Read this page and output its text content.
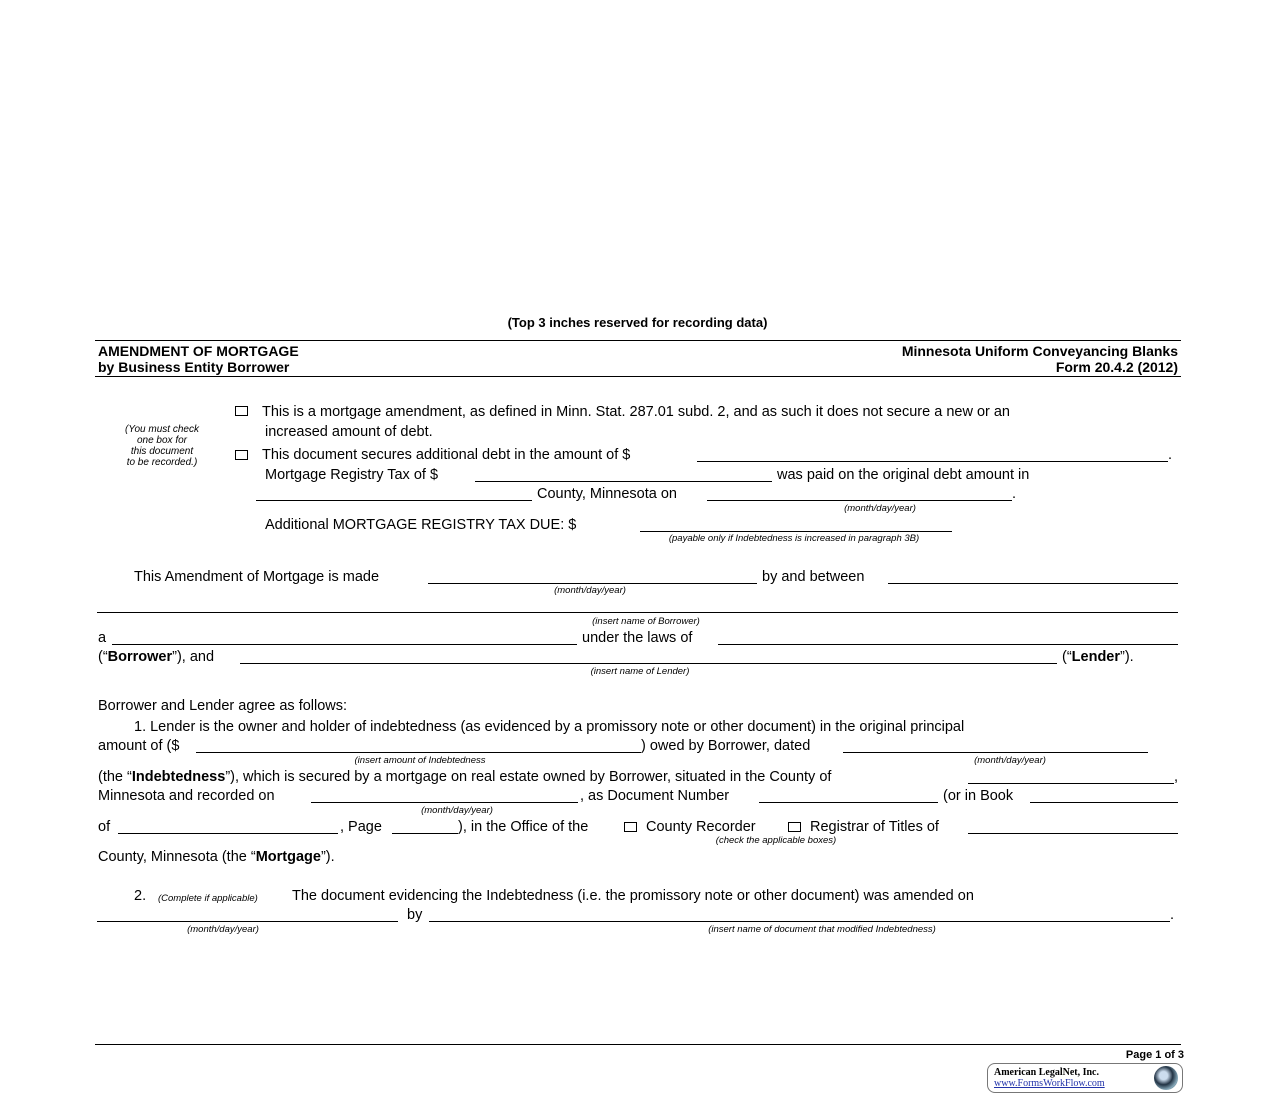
(Top 3 inches reserved for recording data)
AMENDMENT OF MORTGAGE
by Business Entity Borrower
Minnesota Uniform Conveyancing Blanks
Form 20.4.2 (2012)
(You must check
one box for
this document
to be recorded.)
This is a mortgage amendment, as defined in Minn. Stat. 287.01 subd. 2, and as such it does not secure a new or an
increased amount of debt.
This document secures additional debt in the amount of $	.
Mortgage Registry Tax of $	was paid on the original debt amount in
County, Minnesota on	.
(month/day/year)
Additional MORTGAGE REGISTRY TAX DUE: $
(payable only if Indebtedness is increased in paragraph 3B)
This Amendment of Mortgage is made	by and between
(month/day/year)
(insert name of Borrower)
a	under the laws of
(“Borrower”), and	(“Lender”).
(insert name of Lender)
Borrower and Lender agree as follows:
1. Lender is the owner and holder of indebtedness (as evidenced by a promissory note or other document) in the original principal
amount of ($	) owed by Borrower, dated
(insert amount of Indebtedness	(month/day/year)
(the “Indebtedness”), which is secured by a mortgage on real estate owned by Borrower, situated in the County of	,
Minnesota and recorded on	, as Document Number	(or in Book
(month/day/year)
of	, Page	), in the Office of the	County Recorder	Registrar of Titles of
(check the applicable boxes)
County, Minnesota (the “Mortgage”).
2. (Complete if applicable) The document evidencing the Indebtedness (i.e. the promissory note or other document) was amended on
by	.
(month/day/year)	(insert name of document that modified Indebtedness)
Page 1 of 3
American LegalNet, Inc.
www.FormsWorkFlow.com
